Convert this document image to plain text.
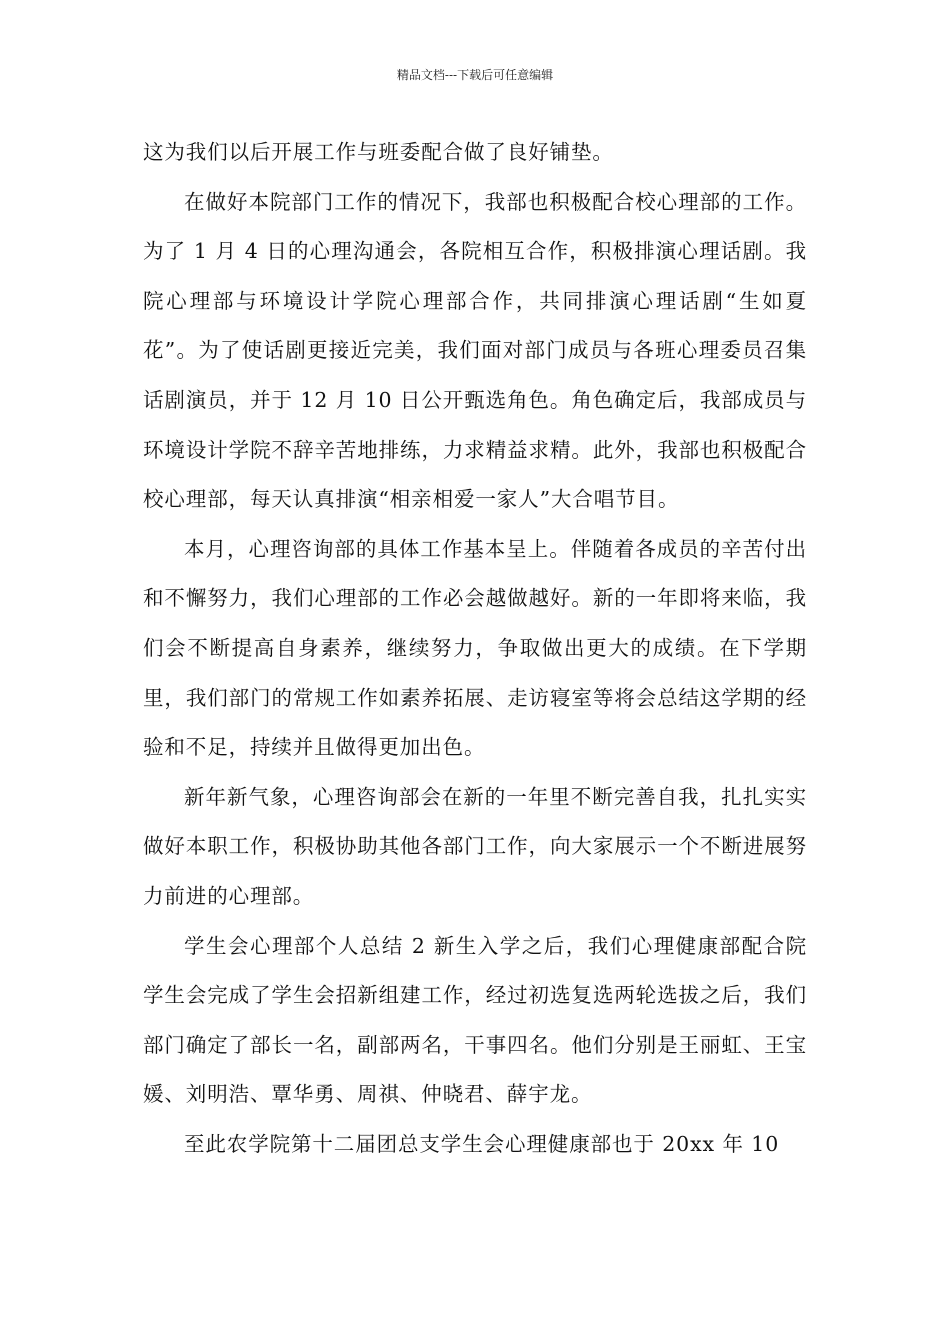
精品文档---下载后可任意编辑

这为我们以后开展工作与班委配合做了良好铺垫。

在做好本院部门工作的情况下，我部也积极配合校心理部的工作。为了 1 月 4 日的心理沟通会，各院相互合作，积极排演心理话剧。我院心理部与环境设计学院心理部合作，共同排演心理话剧“生如夏花”。为了使话剧更接近完美，我们面对部门成员与各班心理委员召集话剧演员，并于 12 月 10 日公开甄选角色。角色确定后，我部成员与环境设计学院不辞辛苦地排练，力求精益求精。此外，我部也积极配合校心理部，每天认真排演“相亲相爱一家人”大合唱节目。

本月，心理咨询部的具体工作基本呈上。伴随着各成员的辛苦付出和不懈努力，我们心理部的工作必会越做越好。新的一年即将来临，我们会不断提高自身素养，继续努力，争取做出更大的成绩。在下学期里，我们部门的常规工作如素养拓展、走访寝室等将会总结这学期的经验和不足，持续并且做得更加出色。

新年新气象，心理咨询部会在新的一年里不断完善自我，扎扎实实做好本职工作，积极协助其他各部门工作，向大家展示一个不断进展努力前进的心理部。

学生会心理部个人总结 2 新生入学之后，我们心理健康部配合院学生会完成了学生会招新组建工作，经过初选复选两轮选拔之后，我们部门确定了部长一名，副部两名，干事四名。他们分别是王丽虹、王宝媛、刘明浩、覃华勇、周祺、仲晓君、薛宇龙。

至此农学院第十二届团总支学生会心理健康部也于 20xx 年 10
